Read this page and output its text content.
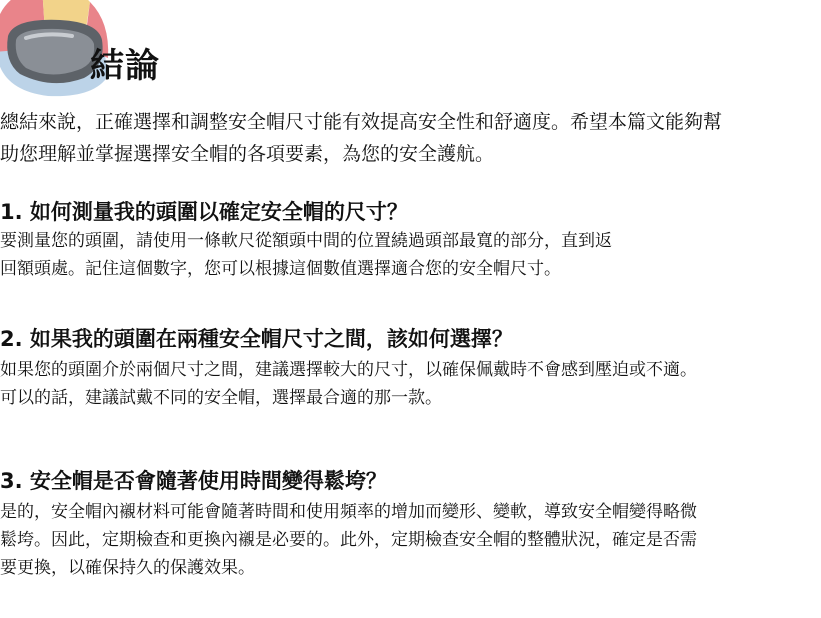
結論

總結來說，正確選擇和調整安全帽尺寸能有效提高安全性和舒適度。希望本篇文能夠幫
助您理解並掌握選擇安全帽的各項要素，為您的安全護航。

1. 如何測量我的頭圍以確定安全帽的尺寸？

要測量您的頭圍，請使用一條軟尺從額頭中間的位置繞過頭部最寬的部分，直到返
回額頭處。記住這個數字，您可以根據這個數值選擇適合您的安全帽尺寸。

2. 如果我的頭圍在兩種安全帽尺寸之間，該如何選擇？

如果您的頭圍介於兩個尺寸之間，建議選擇較大的尺寸，以確保佩戴時不會感到壓迫或不適。
可以的話，建議試戴不同的安全帽，選擇最合適的那一款。

3. 安全帽是否會隨著使用時間變得鬆垮？

是的，安全帽內襯材料可能會隨著時間和使用頻率的增加而變形、變軟，導致安全帽變得略微
鬆垮。因此，定期檢查和更換內襯是必要的。此外，定期檢查安全帽的整體狀況，確定是否需
要更換，以確保持久的保護效果。
